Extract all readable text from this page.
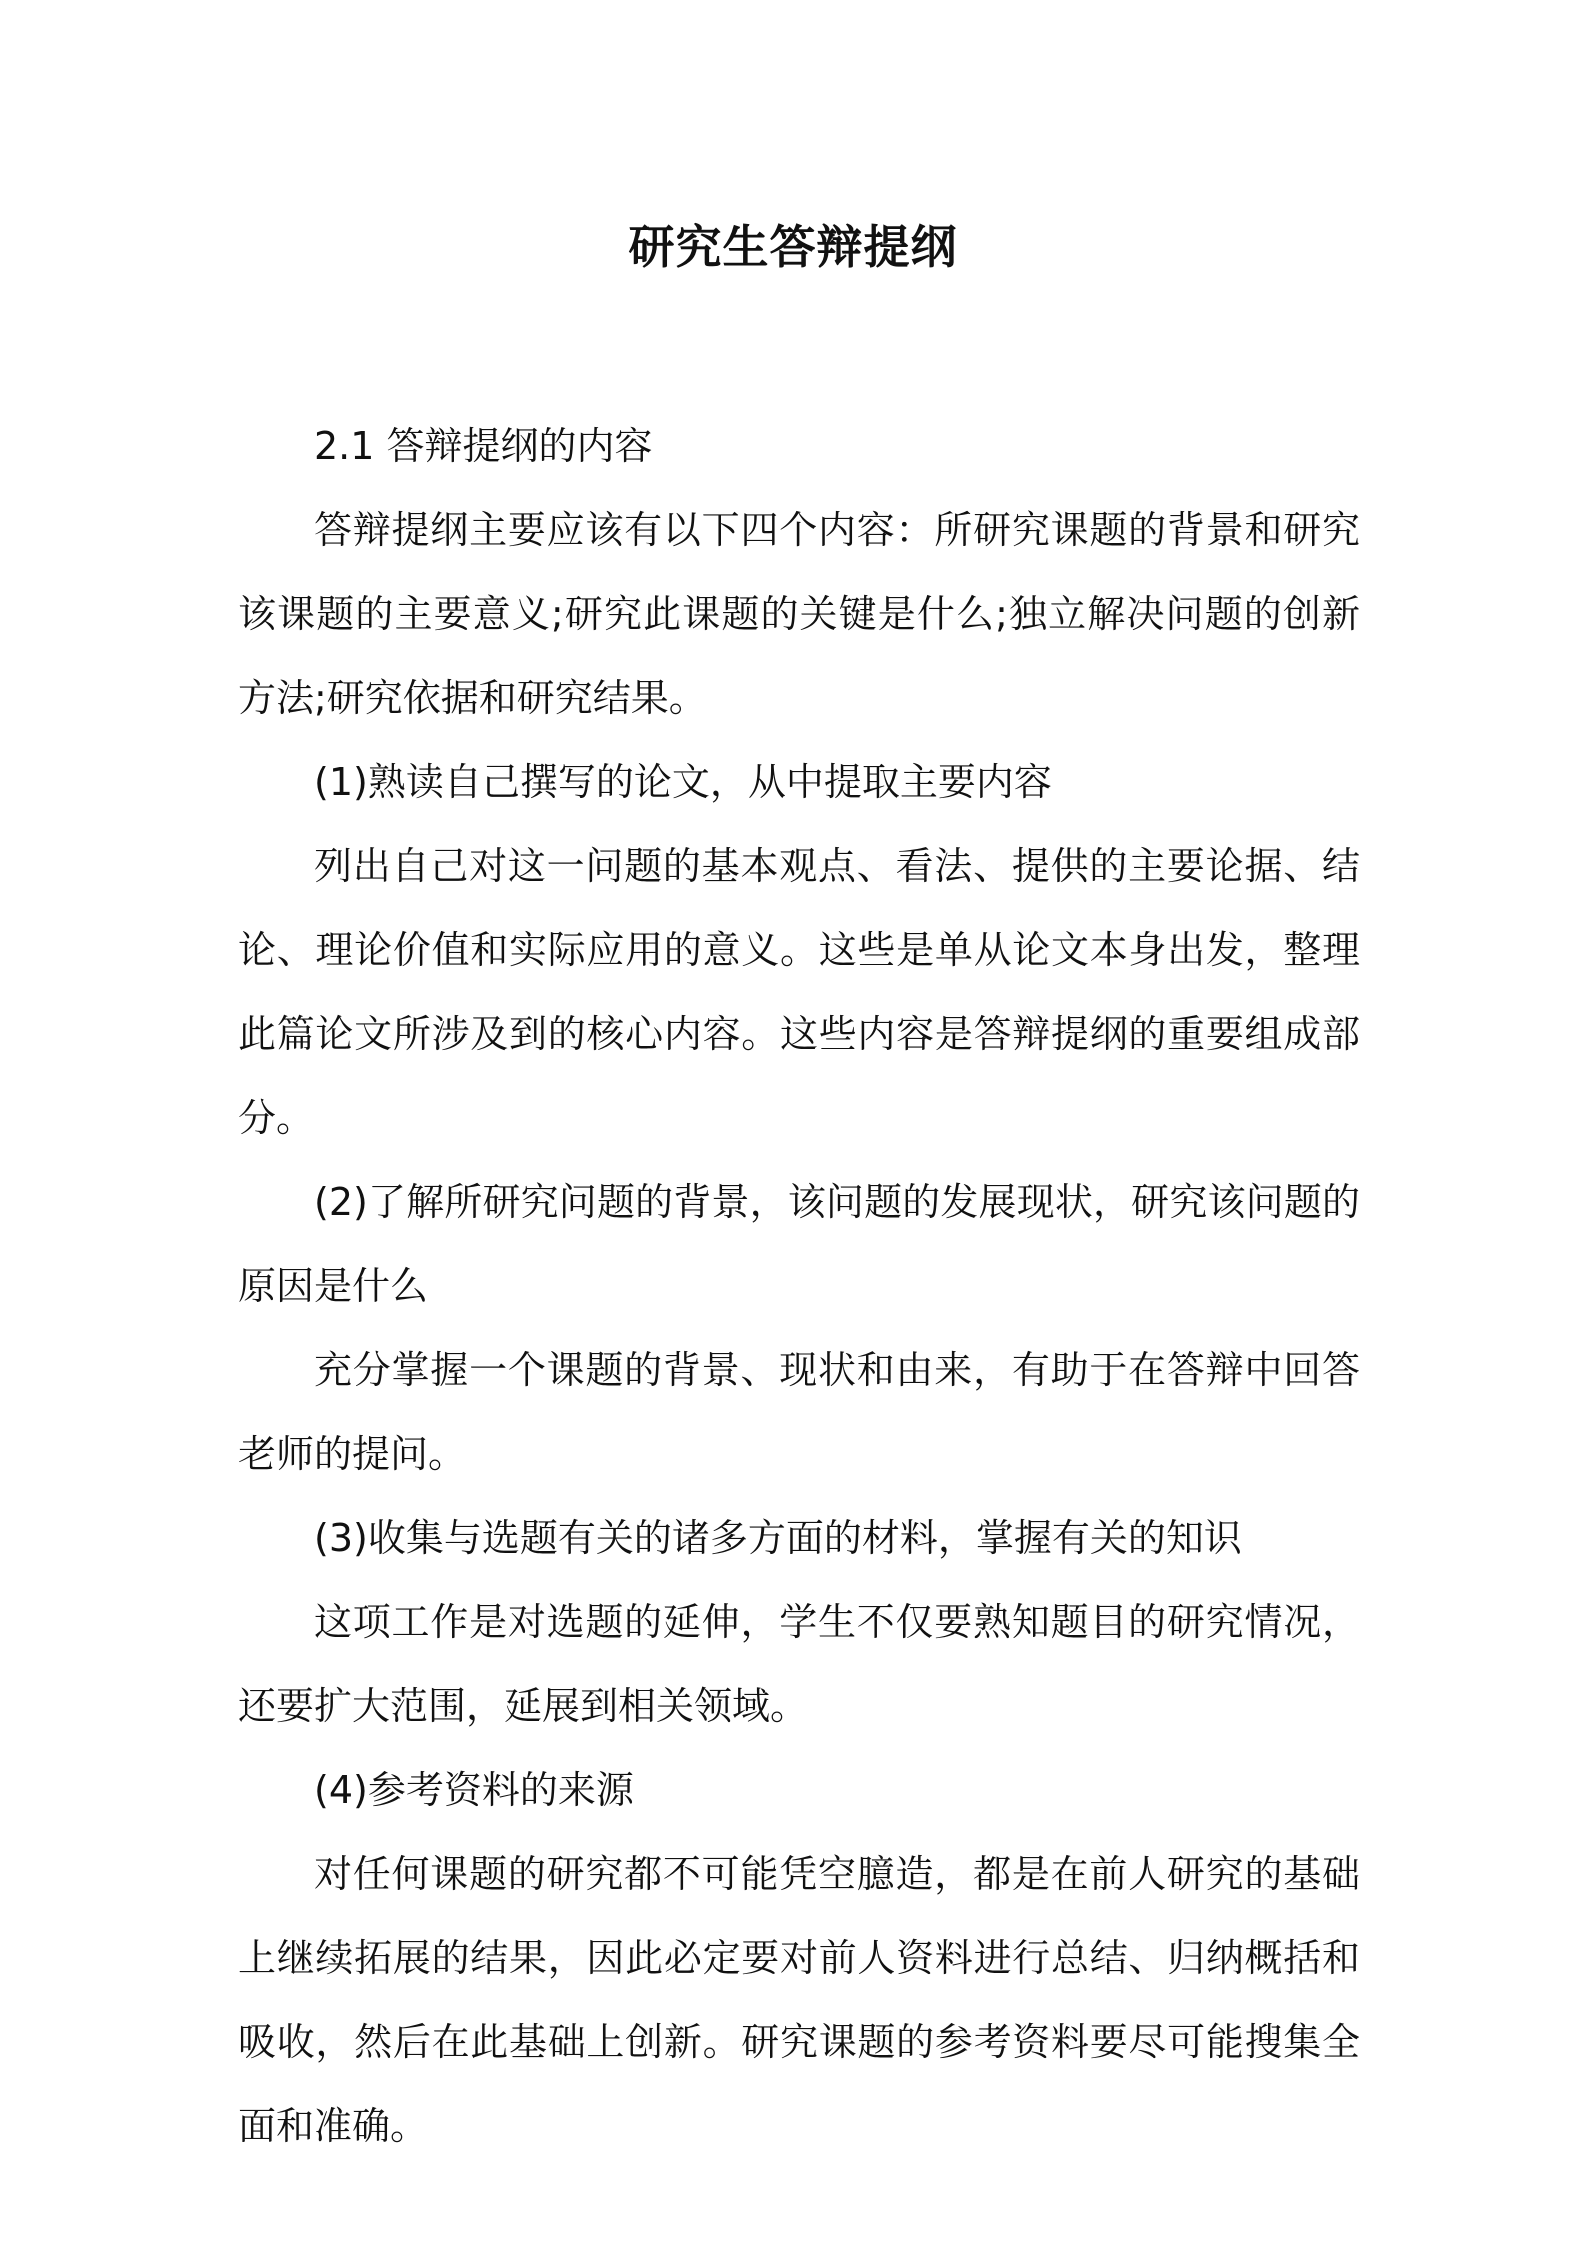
研究生答辩提纲

2.1 答辩提纲的内容

答辩提纲主要应该有以下四个内容：所研究课题的背景和研究该课题的主要意义;研究此课题的关键是什么;独立解决问题的创新方法;研究依据和研究结果。

(1)熟读自己撰写的论文，从中提取主要内容

列出自己对这一问题的基本观点、看法、提供的主要论据、结论、理论价值和实际应用的意义。这些是单从论文本身出发，整理此篇论文所涉及到的核心内容。这些内容是答辩提纲的重要组成部分。

(2)了解所研究问题的背景，该问题的发展现状，研究该问题的原因是什么

充分掌握一个课题的背景、现状和由来，有助于在答辩中回答老师的提问。

(3)收集与选题有关的诸多方面的材料，掌握有关的知识

这项工作是对选题的延伸，学生不仅要熟知题目的研究情况，还要扩大范围，延展到相关领域。

(4)参考资料的来源

对任何课题的研究都不可能凭空臆造，都是在前人研究的基础上继续拓展的结果，因此必定要对前人资料进行总结、归纳概括和吸收，然后在此基础上创新。研究课题的参考资料要尽可能搜集全面和准确。
